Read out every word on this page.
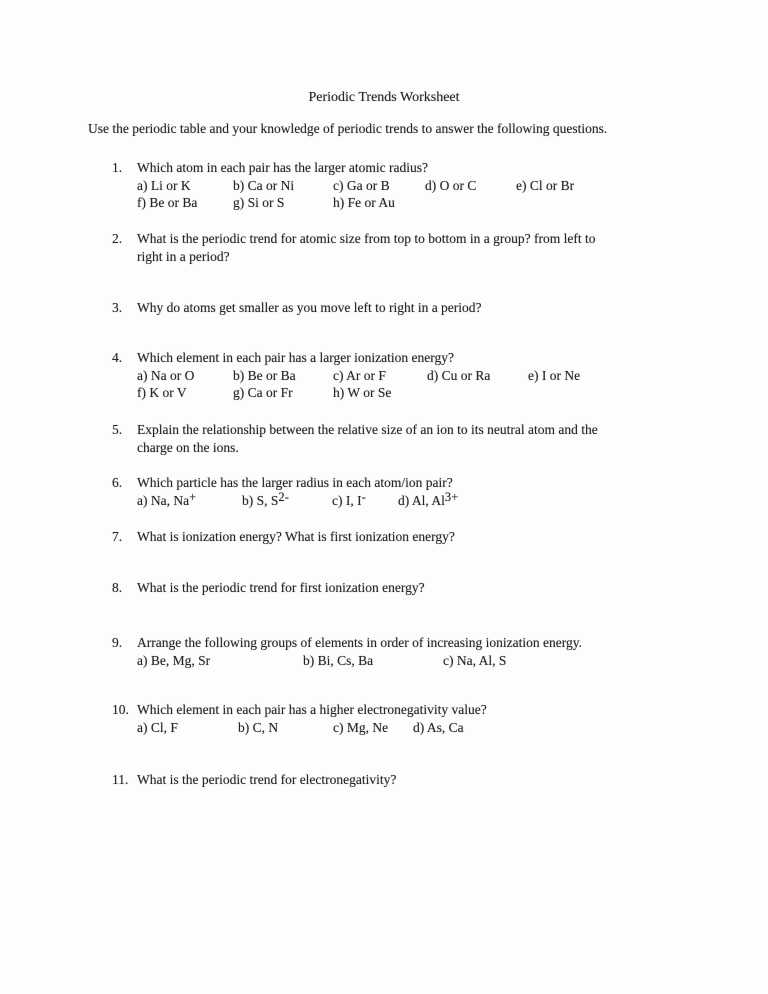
Periodic Trends Worksheet
Use the periodic table and your knowledge of periodic trends to answer the following questions.
1.	Which atom in each pair has the larger atomic radius?
a) Li or K	b) Ca or Ni	c) Ga or B	d) O or C	e) Cl or Br
f) Be or Ba	g) Si or S	h) Fe or Au
2.	What is the periodic trend for atomic size from top to bottom in a group? from left to
right in a period?
3.	Why do atoms get smaller as you move left to right in a period?
4.	Which element in each pair has a larger ionization energy?
a) Na or O	b) Be or Ba	c) Ar or F	d) Cu or Ra	e) I or Ne
f) K or V	g) Ca or Fr	h) W or Se
5.	Explain the relationship between the relative size of an ion to its neutral atom and the
charge on the ions.
6.	Which particle has the larger radius in each atom/ion pair?
a) Na, Na+	b) S, S2-	c) I, I-	d) Al, Al3+
7.	What is ionization energy? What is first ionization energy?
8.	What is the periodic trend for first ionization energy?
9.	Arrange the following groups of elements in order of increasing ionization energy.
a) Be, Mg, Sr	b) Bi, Cs, Ba	c) Na, Al, S
10. Which element in each pair has a higher electronegativity value?
a) Cl, F	b) C, N	c) Mg, Ne	d) As, Ca
11. What is the periodic trend for electronegativity?
